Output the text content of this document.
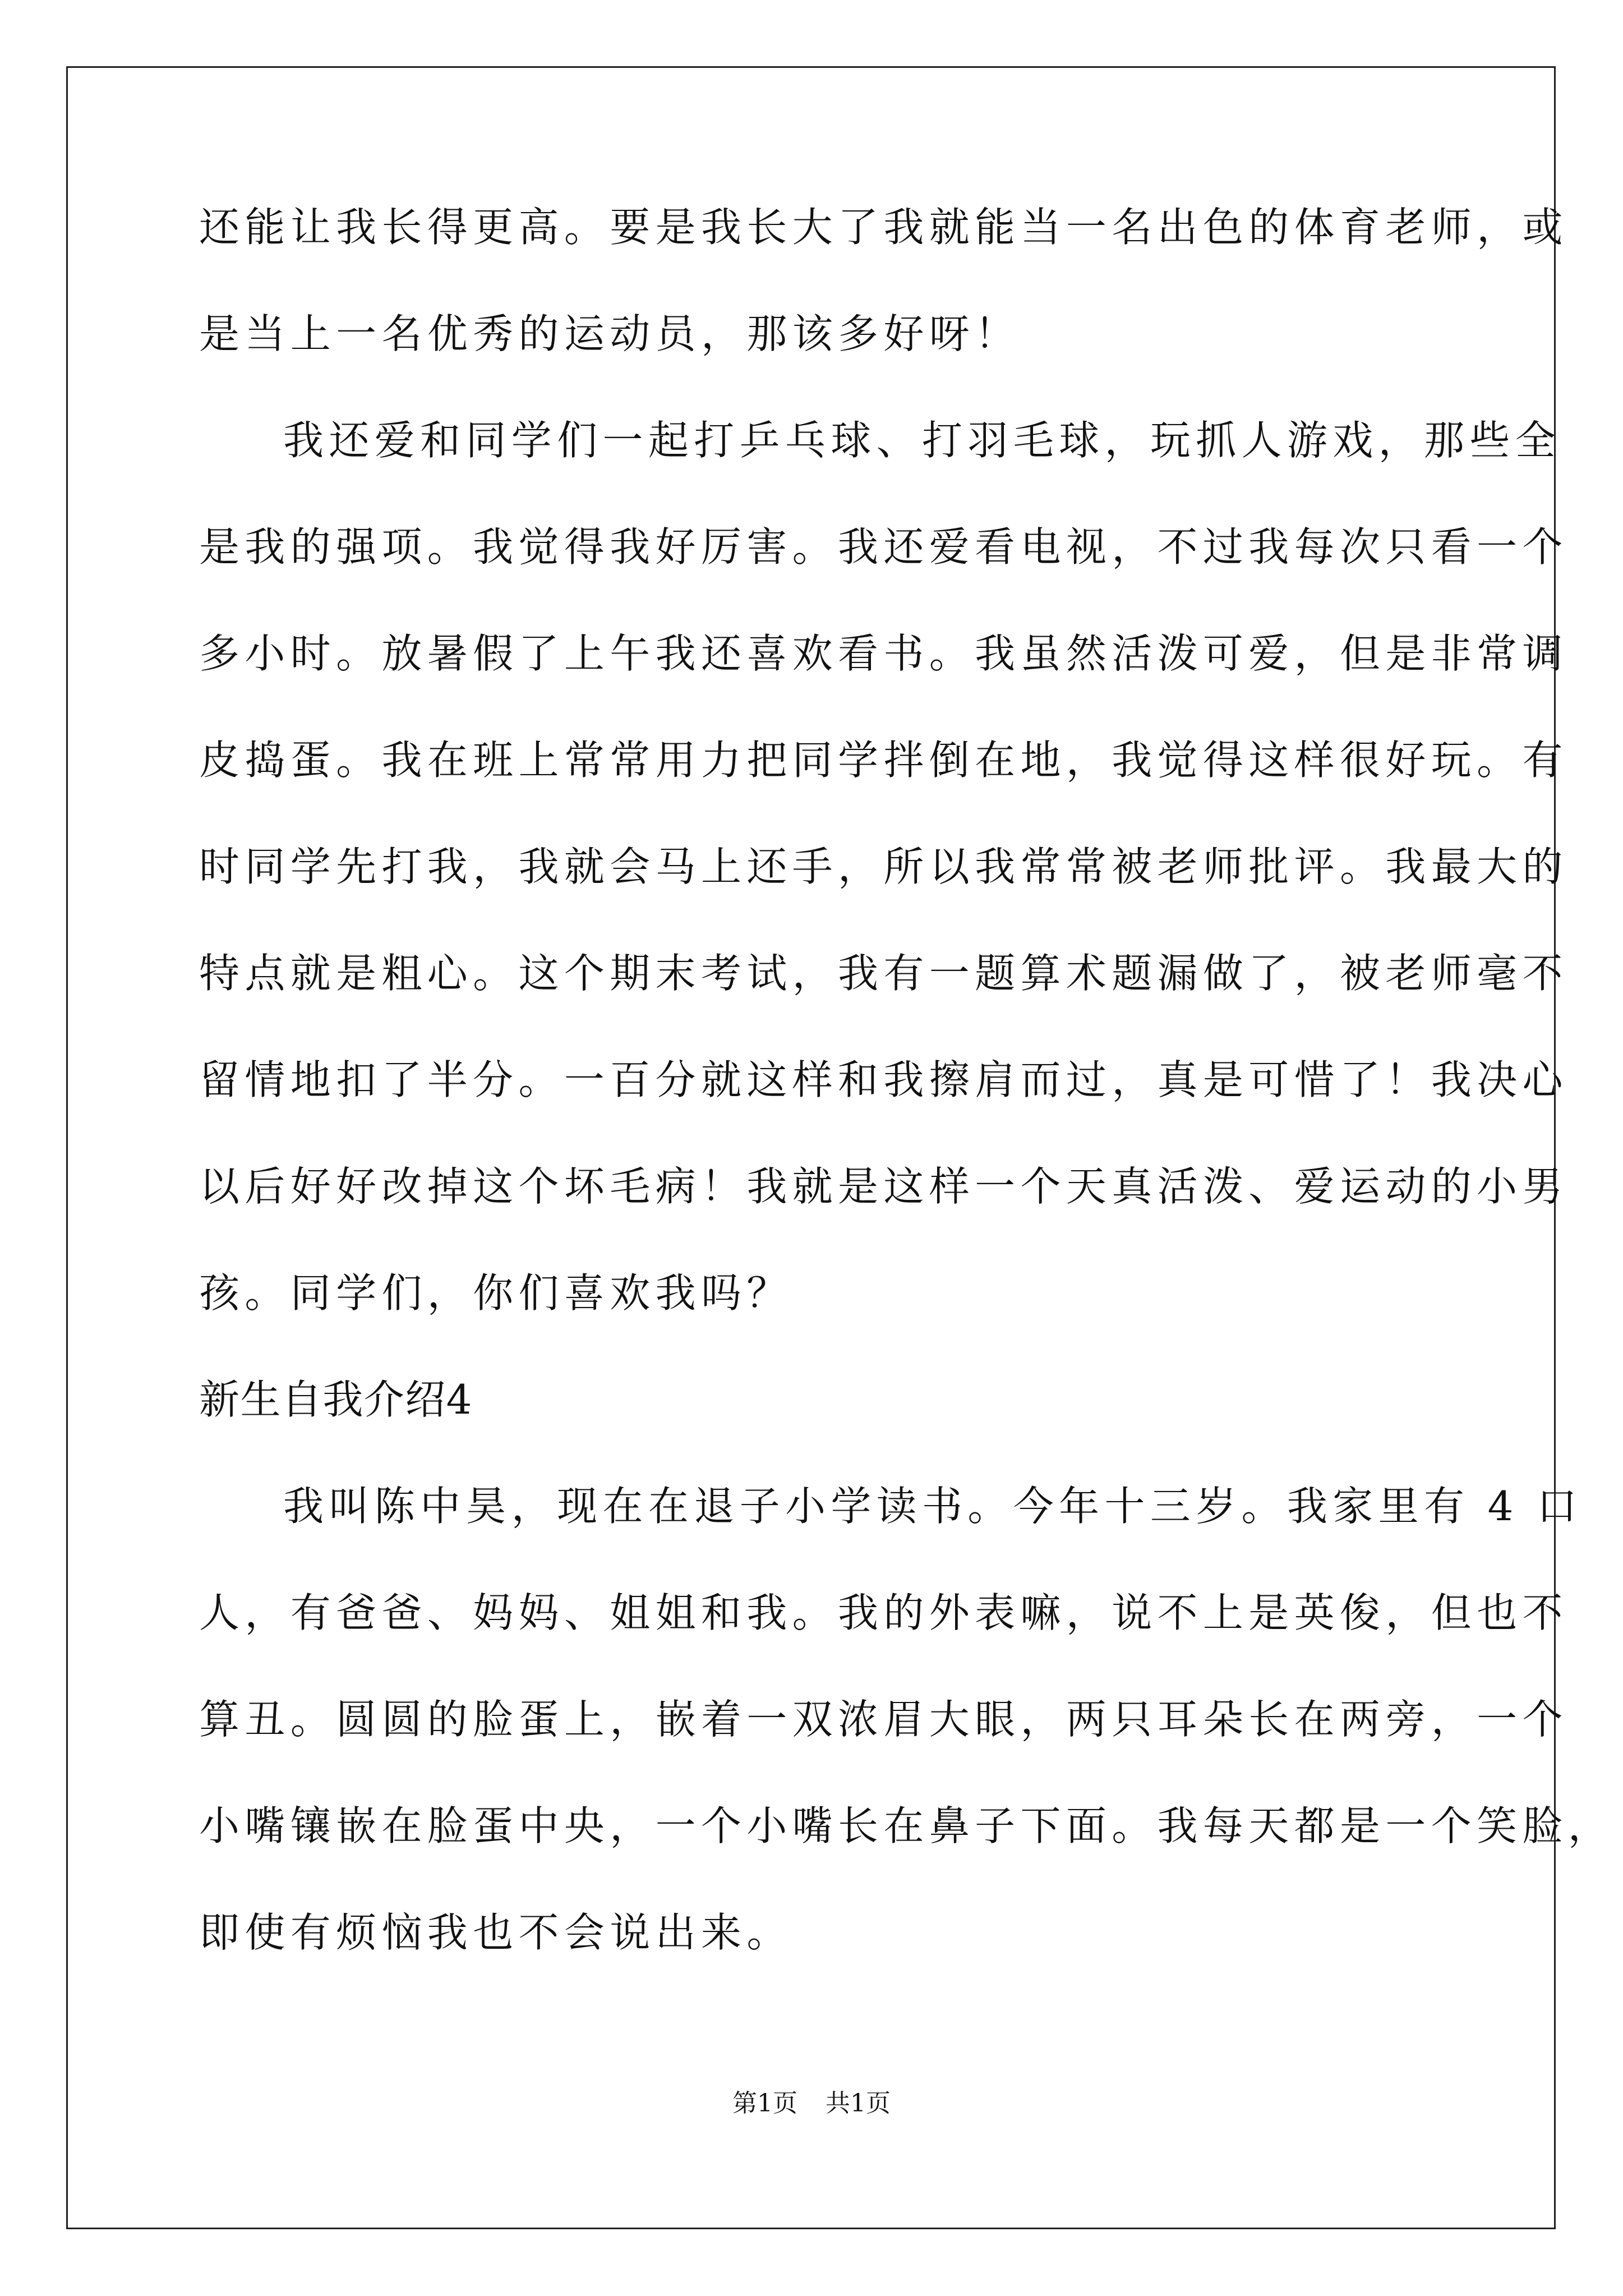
还能让我长得更高。要是我长大了我就能当一名出色的体育老师，或
是当上一名优秀的运动员，那该多好呀！
我还爱和同学们一起打乒乓球、打羽毛球，玩抓人游戏，那些全
是我的强项。我觉得我好厉害。我还爱看电视，不过我每次只看一个
多小时。放暑假了上午我还喜欢看书。我虽然活泼可爱，但是非常调
皮捣蛋。我在班上常常用力把同学拌倒在地，我觉得这样很好玩。有
时同学先打我，我就会马上还手，所以我常常被老师批评。我最大的
特点就是粗心。这个期末考试，我有一题算术题漏做了，被老师毫不
留情地扣了半分。一百分就这样和我擦肩而过，真是可惜了！我决心
以后好好改掉这个坏毛病！我就是这样一个天真活泼、爱运动的小男
孩。同学们，你们喜欢我吗？
新生自我介绍4
我叫陈中昊，现在在退子小学读书。今年十三岁。我家里有 4 口
人，有爸爸、妈妈、姐姐和我。我的外表嘛，说不上是英俊，但也不
算丑。圆圆的脸蛋上，嵌着一双浓眉大眼，两只耳朵长在两旁，一个
小嘴镶嵌在脸蛋中央，一个小嘴长在鼻子下面。我每天都是一个笑脸，
即使有烦恼我也不会说出来。
第1页 共1页
